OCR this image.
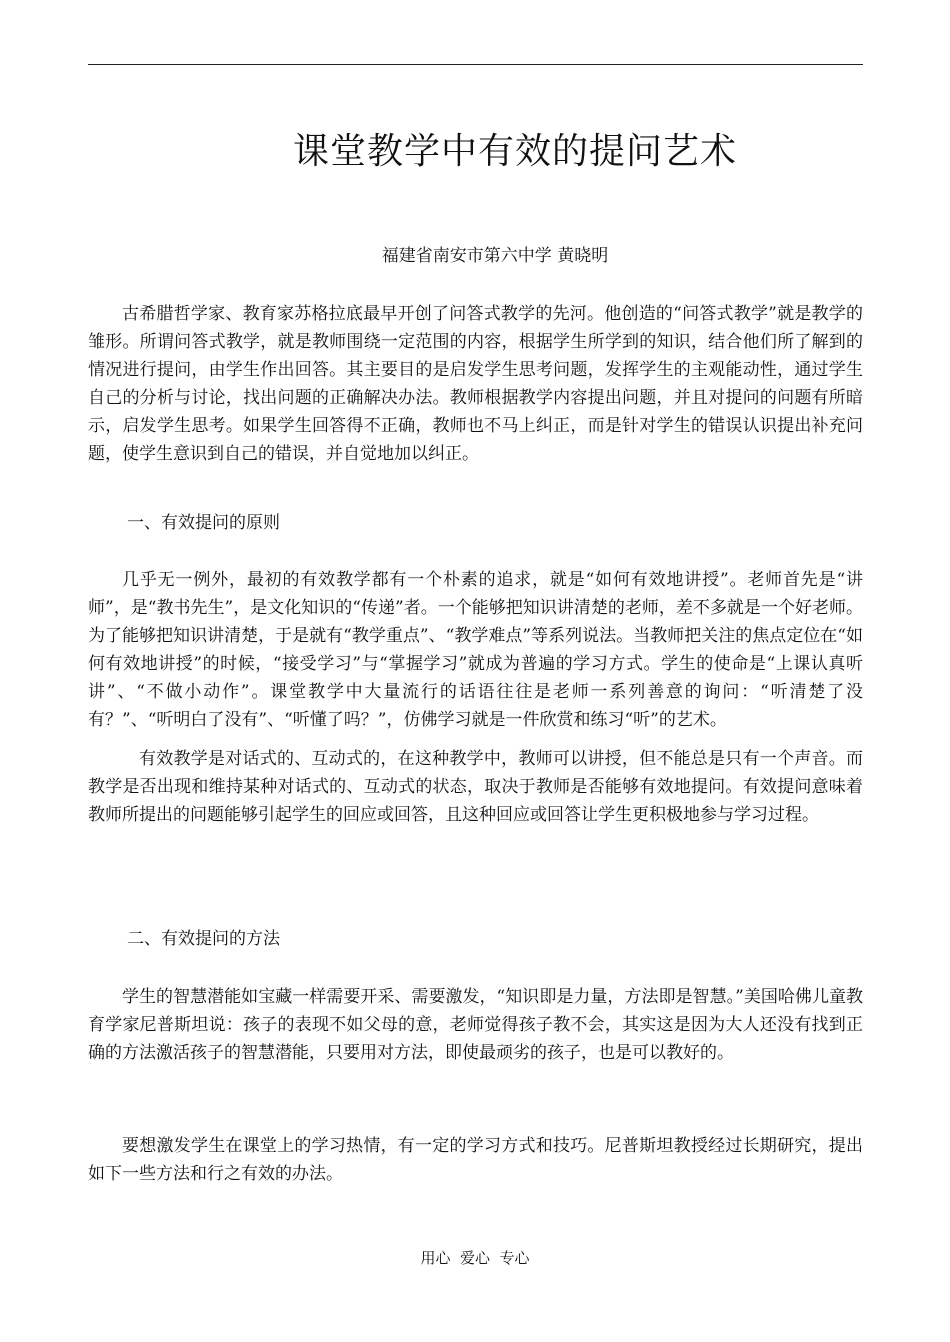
课堂教学中有效的提问艺术
福建省南安市第六中学 黄晓明

古希腊哲学家、教育家苏格拉底最早开创了问答式教学的先河。他创造的“问答式教学”就是教学的雏形。所谓问答式教学，就是教师围绕一定范围的内容，根据学生所学到的知识，结合他们所了解到的情况进行提问，由学生作出回答。其主要目的是启发学生思考问题，发挥学生的主观能动性，通过学生自己的分析与讨论，找出问题的正确解决办法。教师根据教学内容提出问题，并且对提问的问题有所暗示，启发学生思考。如果学生回答得不正确，教师也不马上纠正，而是针对学生的错误认识提出补充问题，使学生意识到自己的错误，并自觉地加以纠正。

一、有效提问的原则

几乎无一例外，最初的有效教学都有一个朴素的追求，就是“如何有效地讲授”。老师首先是“讲师”，是“教书先生”，是文化知识的“传递”者。一个能够把知识讲清楚的老师，差不多就是一个好老师。为了能够把知识讲清楚，于是就有“教学重点”、“教学难点”等系列说法。当教师把关注的焦点定位在“如何有效地讲授”的时候，“接受学习”与“掌握学习”就成为普遍的学习方式。学生的使命是“上课认真听讲”、“不做小动作”。课堂教学中大量流行的话语往往是老师一系列善意的询问：“听清楚了没有？”、“听明白了没有”、“听懂了吗？”，仿佛学习就是一件欣赏和练习“听”的艺术。

有效教学是对话式的、互动式的，在这种教学中，教师可以讲授，但不能总是只有一个声音。而教学是否出现和维持某种对话式的、互动式的状态，取决于教师是否能够有效地提问。有效提问意味着教师所提出的问题能够引起学生的回应或回答，且这种回应或回答让学生更积极地参与学习过程。

二、有效提问的方法

学生的智慧潜能如宝藏一样需要开采、需要激发，“知识即是力量，方法即是智慧。”美国哈佛儿童教育学家尼普斯坦说：孩子的表现不如父母的意，老师觉得孩子教不会，其实这是因为大人还没有找到正确的方法激活孩子的智慧潜能，只要用对方法，即使最顽劣的孩子，也是可以教好的。

要想激发学生在课堂上的学习热情，有一定的学习方式和技巧。尼普斯坦教授经过长期研究，提出如下一些方法和行之有效的办法。

用心  爱心  专心
